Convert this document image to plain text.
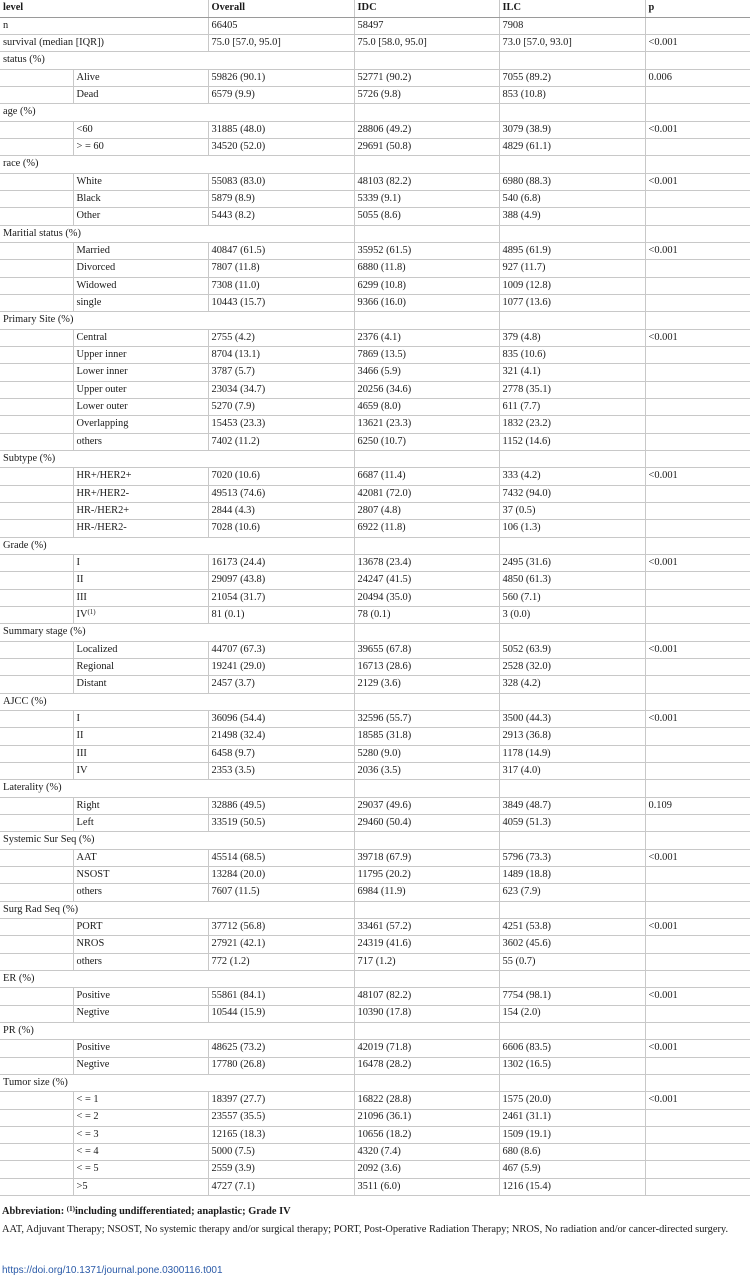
level		Overall	IDC	ILC	p
n		66405	58497	7908	
survival (median [IQR])		75.0 [57.0, 95.0]	75.0 [58.0, 95.0]	73.0 [57.0, 93.0]	<0.001
status (%)					
	Alive	59826 (90.1)	52771 (90.2)	7055 (89.2)	0.006
	Dead	6579 (9.9)	5726 (9.8)	853 (10.8)	
age (%)					
	<60	31885 (48.0)	28806 (49.2)	3079 (38.9)	<0.001
	> = 60	34520 (52.0)	29691 (50.8)	4829 (61.1)	
race (%)					
	White	55083 (83.0)	48103 (82.2)	6980 (88.3)	<0.001
	Black	5879 (8.9)	5339 (9.1)	540 (6.8)	
	Other	5443 (8.2)	5055 (8.6)	388 (4.9)	
Maritial status (%)					
	Married	40847 (61.5)	35952 (61.5)	4895 (61.9)	<0.001
	Divorced	7807 (11.8)	6880 (11.8)	927 (11.7)	
	Widowed	7308 (11.0)	6299 (10.8)	1009 (12.8)	
	single	10443 (15.7)	9366 (16.0)	1077 (13.6)	
Primary Site (%)					
	Central	2755 (4.2)	2376 (4.1)	379 (4.8)	<0.001
	Upper inner	8704 (13.1)	7869 (13.5)	835 (10.6)	
	Lower inner	3787 (5.7)	3466 (5.9)	321 (4.1)	
	Upper outer	23034 (34.7)	20256 (34.6)	2778 (35.1)	
	Lower outer	5270 (7.9)	4659 (8.0)	611 (7.7)	
	Overlapping	15453 (23.3)	13621 (23.3)	1832 (23.2)	
	others	7402 (11.2)	6250 (10.7)	1152 (14.6)	
Subtype (%)					
	HR+/HER2+	7020 (10.6)	6687 (11.4)	333 (4.2)	<0.001
	HR+/HER2-	49513 (74.6)	42081 (72.0)	7432 (94.0)	
	HR-/HER2+	2844 (4.3)	2807 (4.8)	37 (0.5)	
	HR-/HER2-	7028 (10.6)	6922 (11.8)	106 (1.3)	
Grade (%)					
	I	16173 (24.4)	13678 (23.4)	2495 (31.6)	<0.001
	II	29097 (43.8)	24247 (41.5)	4850 (61.3)	
	III	21054 (31.7)	20494 (35.0)	560 (7.1)	
	IV$^{(1)}$	81 (0.1)	78 (0.1)	3 (0.0)	
Summary stage (%)					
	Localized	44707 (67.3)	39655 (67.8)	5052 (63.9)	<0.001
	Regional	19241 (29.0)	16713 (28.6)	2528 (32.0)	
	Distant	2457 (3.7)	2129 (3.6)	328 (4.2)	
AJCC (%)					
	I	36096 (54.4)	32596 (55.7)	3500 (44.3)	<0.001
	II	21498 (32.4)	18585 (31.8)	2913 (36.8)	
	III	6458 (9.7)	5280 (9.0)	1178 (14.9)	
	IV	2353 (3.5)	2036 (3.5)	317 (4.0)	
Laterality (%)					
	Right	32886 (49.5)	29037 (49.6)	3849 (48.7)	0.109
	Left	33519 (50.5)	29460 (50.4)	4059 (51.3)	
Systemic Sur Seq (%)					
	AAT	45514 (68.5)	39718 (67.9)	5796 (73.3)	<0.001
	NSOST	13284 (20.0)	11795 (20.2)	1489 (18.8)	
	others	7607 (11.5)	6984 (11.9)	623 (7.9)	
Surg Rad Seq (%)					
	PORT	37712 (56.8)	33461 (57.2)	4251 (53.8)	<0.001
	NROS	27921 (42.1)	24319 (41.6)	3602 (45.6)	
	others	772 (1.2)	717 (1.2)	55 (0.7)	
ER (%)					
	Positive	55861 (84.1)	48107 (82.2)	7754 (98.1)	<0.001
	Negtive	10544 (15.9)	10390 (17.8)	154 (2.0)	
PR (%)					
	Positive	48625 (73.2)	42019 (71.8)	6606 (83.5)	<0.001
	Negtive	17780 (26.8)	16478 (28.2)	1302 (16.5)	
Tumor size (%)					
	< = 1	18397 (27.7)	16822 (28.8)	1575 (20.0)	<0.001
	< = 2	23557 (35.5)	21096 (36.1)	2461 (31.1)	
	< = 3	12165 (18.3)	10656 (18.2)	1509 (19.1)	
	< = 4	5000 (7.5)	4320 (7.4)	680 (8.6)	
	< = 5	2559 (3.9)	2092 (3.6)	467 (5.9)	
	>5	4727 (7.1)	3511 (6.0)	1216 (15.4)	
Abbreviation: $^{(1)}$including undifferentiated; anaplastic; Grade IV
AAT, Adjuvant Therapy; NSOST, No systemic therapy and/or surgical therapy; PORT, Post-Operative Radiation Therapy; NROS, No radiation and/or cancer-directed surgery.
https://doi.org/10.1371/journal.pone.0300116.t001
